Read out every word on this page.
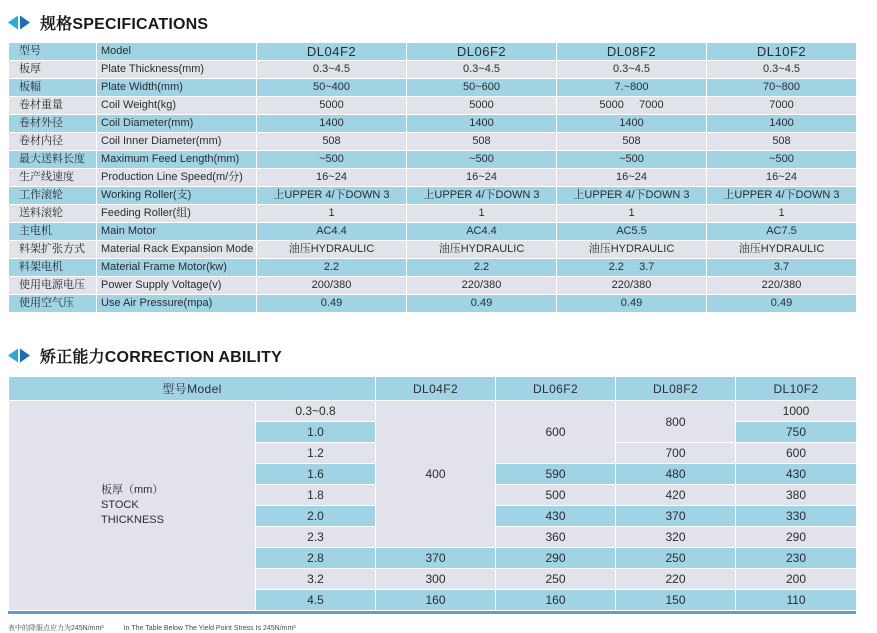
规格SPECIFICATIONS
型号	Model	DL04F2	DL06F2	DL08F2	DL10F2
板厚	Plate Thickness(mm)	0.3~4.5	0.3~4.5	0.3~4.5	0.3~4.5
板幅	Plate Width(mm)	50~400	50~600	7.~800	70~800
卷材重量	Coil Weight(kg)	5000	5000	5000     7000	7000
卷材外径	Coil Diameter(mm)	1400	1400	1400	1400
卷材内径	Coil Inner Diameter(mm)	508	508	508	508
最大送料长度	Maximum Feed Length(mm)	~500	~500	~500	~500
生产线速度	Production Line Speed(m/分)	16~24	16~24	16~24	16~24
工作滚轮	Working Roller(支)	上UPPER 4/下DOWN 3	上UPPER 4/下DOWN 3	上UPPER 4/下DOWN 3	上UPPER 4/下DOWN 3
送料滚轮	Feeding Roller(组)	1	1	1	1
主电机	Main Motor	AC4.4	AC4.4	AC5.5	AC7.5
料架扩张方式	Material Rack Expansion Mode	油压HYDRAULIC	油压HYDRAULIC	油压HYDRAULIC	油压HYDRAULIC
料架电机	Material Frame Motor(kw)	2.2	2.2	2.2     3.7	3.7
使用电源电压	Power Supply Voltage(v)	200/380	220/380	220/380	220/380
使用空气压	Use Air Pressure(mpa)	0.49	0.49	0.49	0.49
矫正能力CORRECTION ABILITY
型号Model		DL04F2	DL06F2	DL08F2	DL10F2

板厚（mm）
STOCK
THICKNESS	0.3~0.8	400	600	800	1000
	1.0				750
	1.2			700	600
	1.6		590	480	430
	1.8		500	420	380
	2.0		430	370	330
	2.3		360	320	290
	2.8	370	290	250	230
	3.2	300	250	220	200
	4.5	160	160	150	110
表中的降服点应力为245N/mm²	In The Table Below The Yield Point Stress Is 245N/mm²
